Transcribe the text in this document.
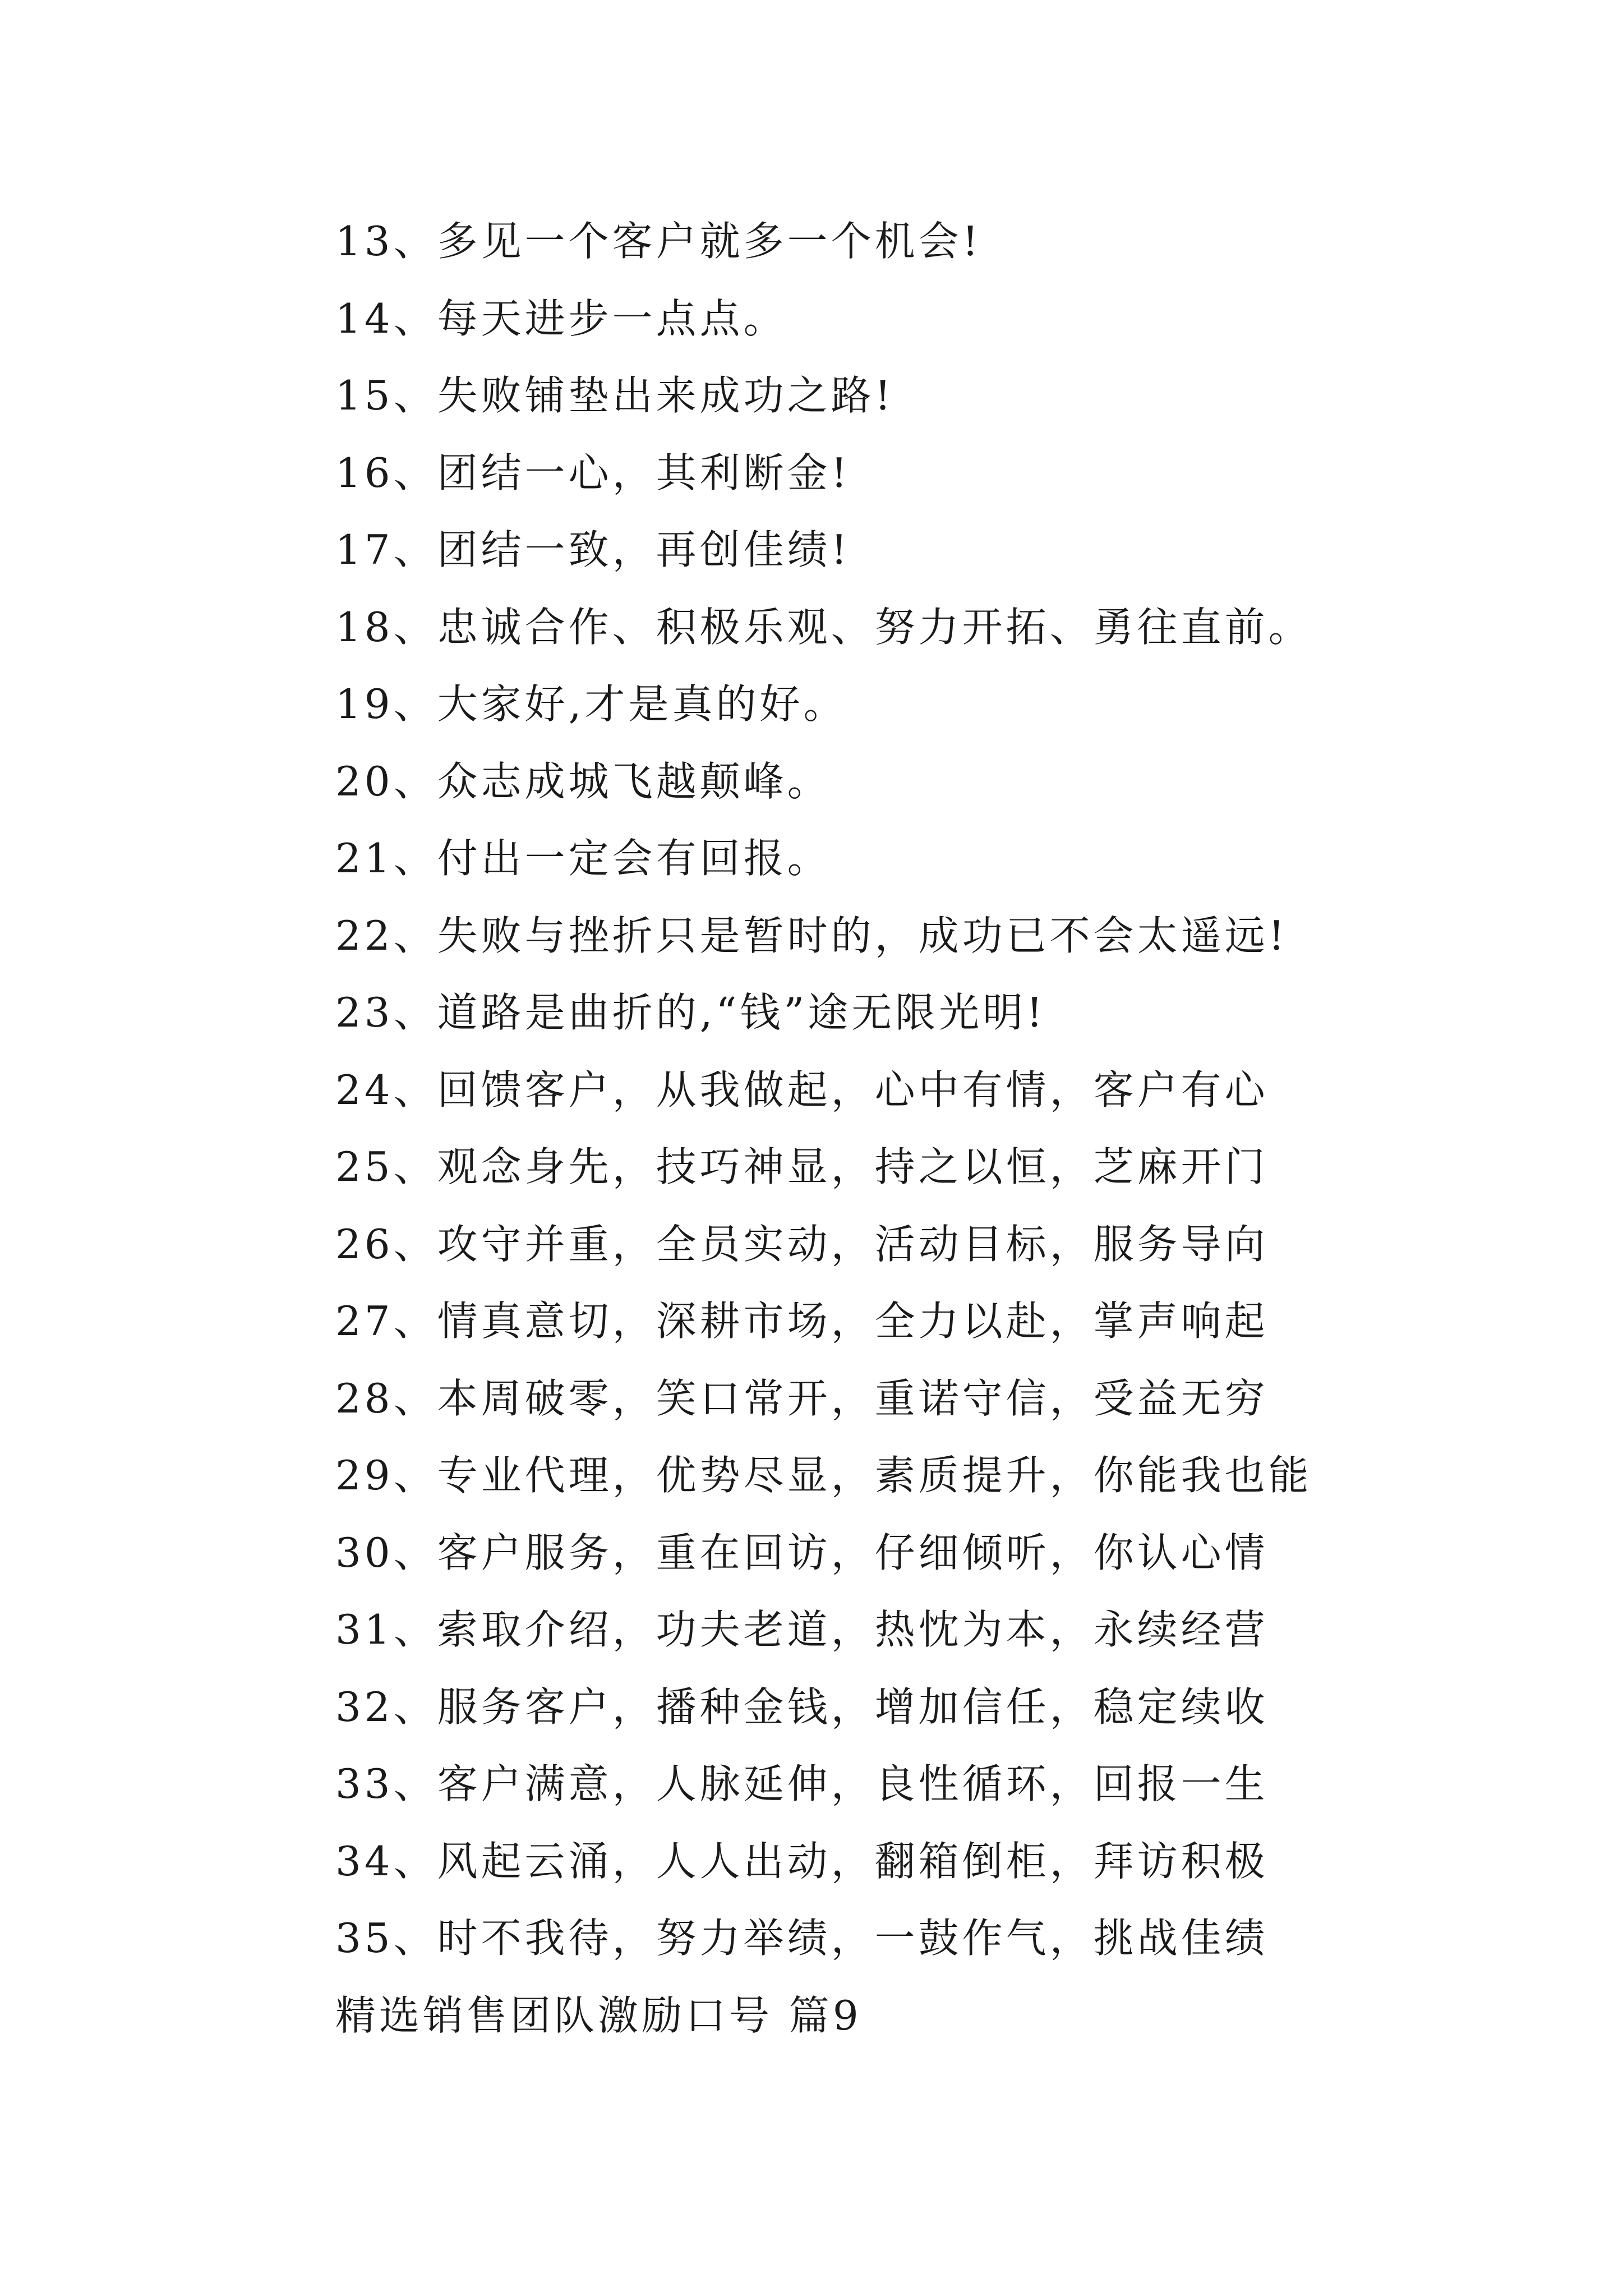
13、多见一个客户就多一个机会!
14、每天进步一点点。
15、失败铺垫出来成功之路!
16、团结一心，其利断金!
17、团结一致，再创佳绩!
18、忠诚合作、积极乐观、努力开拓、勇往直前。
19、大家好,才是真的好。
20、众志成城飞越颠峰。
21、付出一定会有回报。
22、失败与挫折只是暂时的，成功已不会太遥远!
23、道路是曲折的,“钱”途无限光明!
24、回馈客户，从我做起，心中有情，客户有心
25、观念身先，技巧神显，持之以恒，芝麻开门
26、攻守并重，全员实动，活动目标，服务导向
27、情真意切，深耕市场，全力以赴，掌声响起
28、本周破零，笑口常开，重诺守信，受益无穷
29、专业代理，优势尽显，素质提升，你能我也能
30、客户服务，重在回访，仔细倾听，你认心情
31、索取介绍，功夫老道，热忱为本，永续经营
32、服务客户，播种金钱，增加信任，稳定续收
33、客户满意，人脉延伸，良性循环，回报一生
34、风起云涌，人人出动，翻箱倒柜，拜访积极
35、时不我待，努力举绩，一鼓作气，挑战佳绩
精选销售团队激励口号 篇9
